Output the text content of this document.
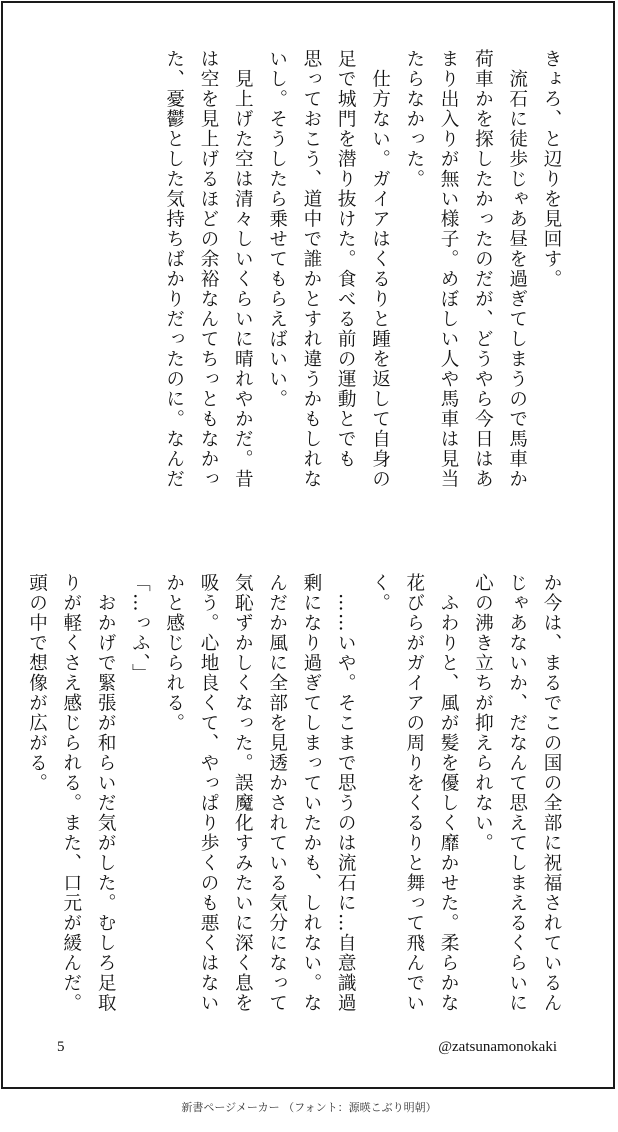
きょろ、と辺りを見回す。
　流石に徒歩じゃあ昼を過ぎてしまうので馬車か
荷車かを探したかったのだが、どうやら今日はあ
まり出入りが無い様子。めぼしい人や馬車は見当
たらなかった。
　仕方ない。ガイアはくるりと踵を返して自身の
足で城門を潜り抜けた。食べる前の運動とでも
思っておこう、道中で誰かとすれ違うかもしれな
いし。そうしたら乗せてもらえばいい。
　見上げた空は清々しいくらいに晴れやかだ。昔
は空を見上げるほどの余裕なんてちっともなかっ
た、憂鬱とした気持ちばかりだったのに。なんだ
か今は、まるでこの国の全部に祝福されているん
じゃあないか、だなんて思えてしまえるくらいに
心の沸き立ちが抑えられない。
　ふわりと、風が髪を優しく靡かせた。柔らかな
花びらがガイアの周りをくるりと舞って飛んでい
く。
　……いや。そこまで思うのは流石に…自意識過
剰になり過ぎてしまっていたかも、しれない。な
んだか風に全部を見透かされている気分になって
気恥ずかしくなった。誤魔化すみたいに深く息を
吸う。心地良くて、やっぱり歩くのも悪くはない
かと感じられる。
「…っふ、」
　おかげで緊張が和らいだ気がした。むしろ足取
りが軽くさえ感じられる。また、口元が緩んだ。
頭の中で想像が広がる。
5	@zatsunamonokaki
新書ページメーカー （フォント：源暎こぶり明朝）
